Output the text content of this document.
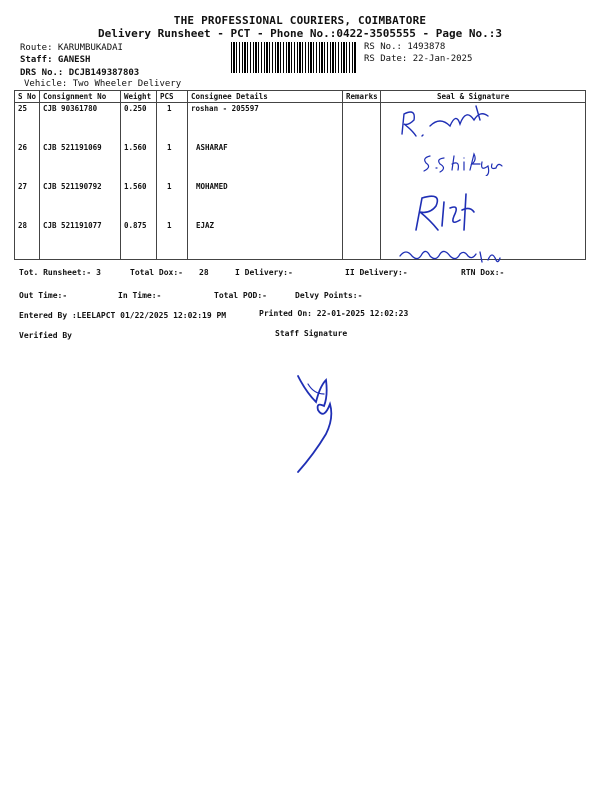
THE PROFESSIONAL COURIERS, COIMBATORE
Delivery Runsheet - PCT - Phone No.:0422-3505555 - Page No.:3
Route: KARUMBUKADAI
Staff: GANESH
DRS No.: DCJB149387803
Vehicle: Two Wheeler Delivery
RS No.: 1493878
RS Date: 22-Jan-2025
S No	Consignment No	Weight	PCS	Consignee Details	Remarks	Seal & Signature
25	CJB 90361780	0.250	1	roshan - 205597		
26	CJB 521191069	1.560	1	ASHARAF		
27	CJB 521190792	1.560	1	MOHAMED		
28	CJB 521191077	0.875	1	EJAZ		
Tot. Runsheet:- 3	Total Dox:- 28	I Delivery:-	II Delivery:-	RTN Dox:-
Out Time:-	In Time:-	Total POD:-	Delvy Points:-
Entered By :LEELAPCT 01/22/2025 12:02:19 PM	Printed On: 22-01-2025 12:02:23
Verified By	Staff Signature
